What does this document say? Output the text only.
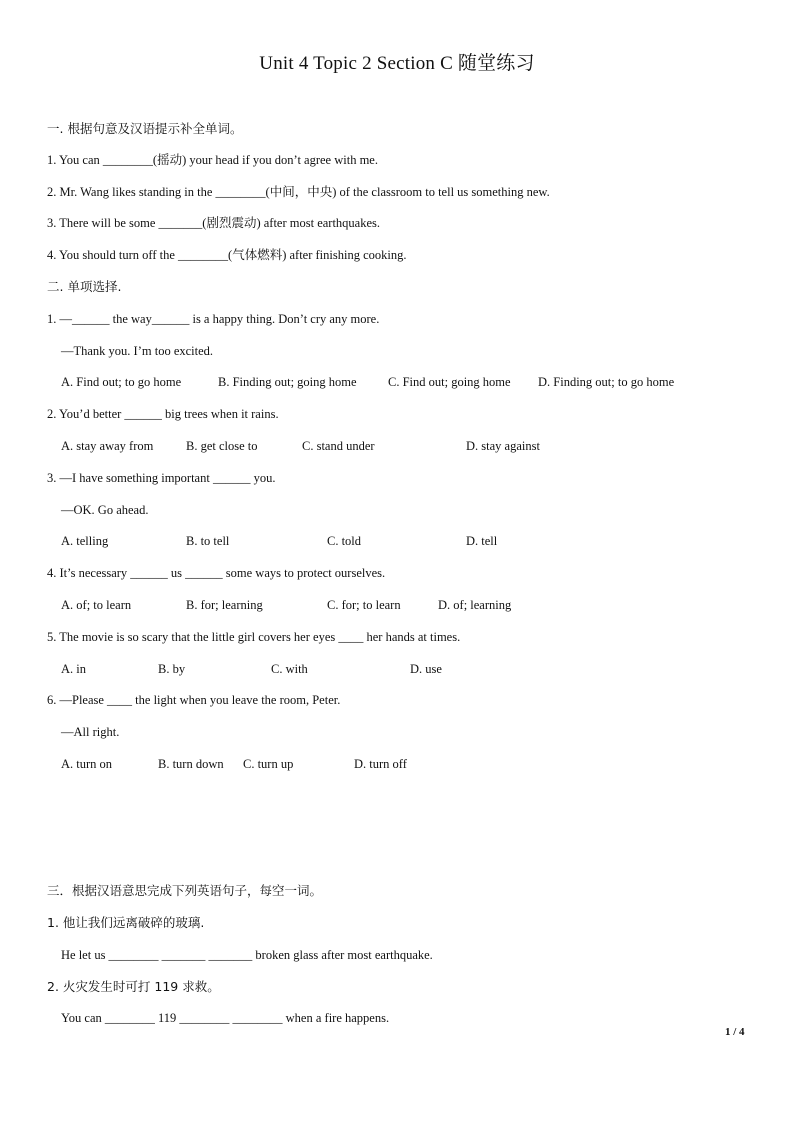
Unit 4 Topic 2 Section C 随堂练习
一. 根据句意及汉语提示补全单词。
1. You can ________(摇动) your head if you don’t agree with me.
2. Mr. Wang likes standing in the ________(中间，中央) of the classroom to tell us something new.
3. There will be some _______(剧烈震动) after most earthquakes.
4. You should turn off the ________(气体燃料) after finishing cooking.
二. 单项选择.
1. —______ the way______ is a happy thing. Don’t cry any more.
—Thank you. I’m too excited.
A. Find out; to go home	B. Finding out; going home	C. Find out; going home D. Finding out; to go home
2. You’d better ______ big trees when it rains.
A. stay away from	B. get close to	C. stand under	D. stay against
3. —I have something important ______ you.
—OK. Go ahead.
A. telling	B. to tell	C. told	D. tell
4. It’s necessary ______ us ______ some ways to protect ourselves.
A. of; to learn	B. for; learning	C. for; to learn	D. of; learning
5. The movie is so scary that the little girl covers her eyes ____ her hands at times.
A. in	B. by	C. with	D. use
6. —Please ____ the light when you leave the room, Peter.
—All right.
A. turn on	B. turn down C. turn up	D. turn off
三．根据汉语意思完成下列英语句子，每空一词。
1. 他让我们远离破碎的玻璃.
He let us ________ _______ _______ broken glass after most earthquake.
2. 火灾发生时可打 119 求救。
You can ________ 119 ________ ________ when a fire happens.
1 / 4
